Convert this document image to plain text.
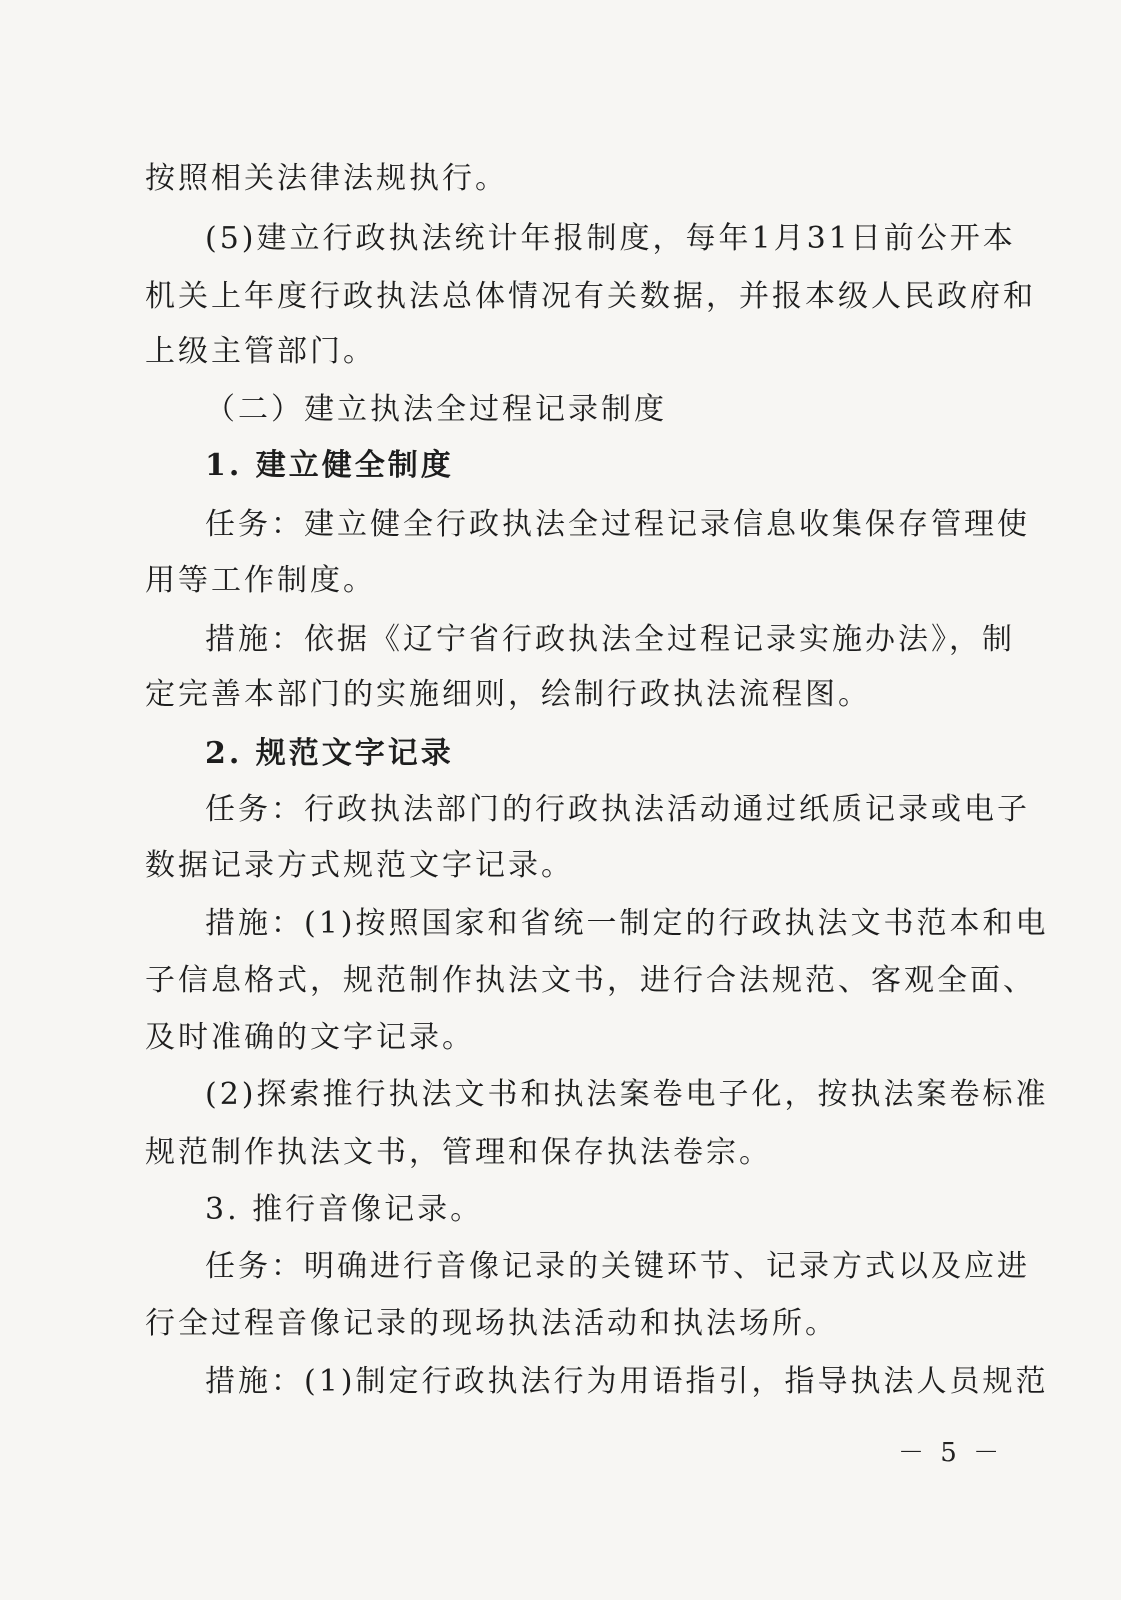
按照相关法律法规执行。
(5)建立行政执法统计年报制度，每年1月31日前公开本
机关上年度行政执法总体情况有关数据，并报本级人民政府和
上级主管部门。
（二）建立执法全过程记录制度
1. 建立健全制度
任务：建立健全行政执法全过程记录信息收集保存管理使
用等工作制度。
措施：依据《辽宁省行政执法全过程记录实施办法》，制
定完善本部门的实施细则，绘制行政执法流程图。
2. 规范文字记录
任务：行政执法部门的行政执法活动通过纸质记录或电子
数据记录方式规范文字记录。
措施：(1)按照国家和省统一制定的行政执法文书范本和电
子信息格式，规范制作执法文书，进行合法规范、客观全面、
及时准确的文字记录。
(2)探索推行执法文书和执法案卷电子化，按执法案卷标准
规范制作执法文书，管理和保存执法卷宗。
3. 推行音像记录。
任务：明确进行音像记录的关键环节、记录方式以及应进
行全过程音像记录的现场执法活动和执法场所。
措施：(1)制定行政执法行为用语指引，指导执法人员规范
－ 5 －
